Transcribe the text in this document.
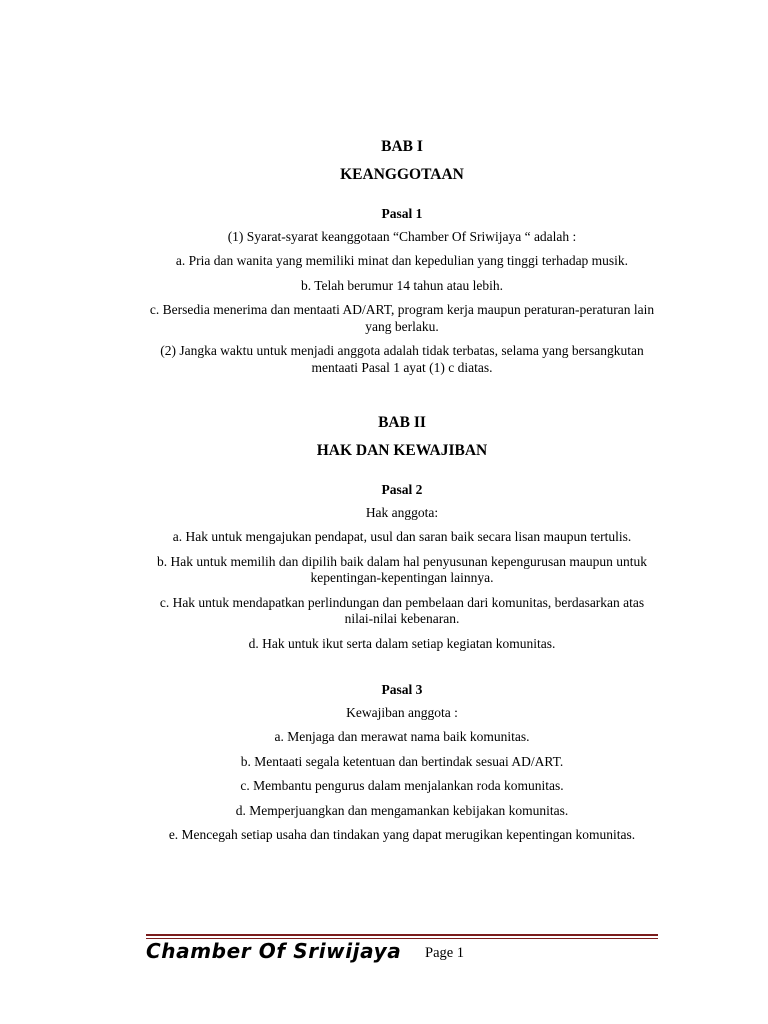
BAB I

KEANGGOTAAN

Pasal 1

(1) Syarat-syarat keanggotaan “Chamber Of Sriwijaya “ adalah :

a. Pria dan wanita yang memiliki minat dan kepedulian yang tinggi terhadap musik.

b. Telah berumur 14 tahun atau lebih.

c. Bersedia menerima dan mentaati AD/ART, program kerja maupun peraturan-peraturan lain yang berlaku.

(2) Jangka waktu untuk menjadi anggota adalah tidak terbatas, selama yang bersangkutan mentaati Pasal 1 ayat (1) c diatas.

BAB II

HAK DAN KEWAJIBAN

Pasal 2

Hak anggota:

a. Hak untuk mengajukan pendapat, usul dan saran baik secara lisan maupun tertulis.

b. Hak untuk memilih dan dipilih baik dalam hal penyusunan kepengurusan maupun untuk kepentingan-kepentingan lainnya.

c. Hak untuk mendapatkan perlindungan dan pembelaan dari komunitas, berdasarkan atas nilai-nilai kebenaran.

d. Hak untuk ikut serta dalam setiap kegiatan komunitas.

Pasal 3

Kewajiban anggota :

a. Menjaga dan merawat nama baik komunitas.

b. Mentaati segala ketentuan dan bertindak sesuai AD/ART.

c. Membantu pengurus dalam menjalankan roda komunitas.

d. Memperjuangkan dan mengamankan kebijakan komunitas.

e. Mencegah setiap usaha dan tindakan yang dapat merugikan kepentingan komunitas.

Chamber Of Sriwijaya Page 1
